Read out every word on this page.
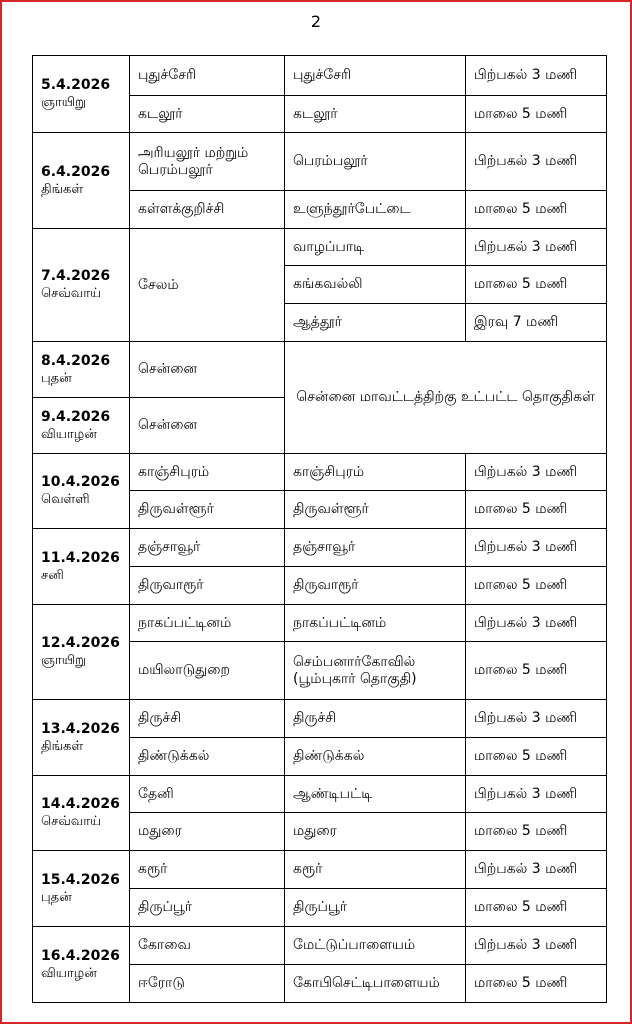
2
5.4.2026
ஞாயிறு	புதுச்சேரி	புதுச்சேரி	பிற்பகல் 3 மணி
	கடலூர்	கடலூர்	மாலை 5 மணி

6.4.2026
திங்கள்	அரியலூர் மற்றும் பெரம்பலூர்	பெரம்பலூர்	பிற்பகல் 3 மணி
	கள்ளக்குறிச்சி	உளுந்தூர்பேட்டை	மாலை 5 மணி

7.4.2026
செவ்வாய்	சேலம்	வாழப்பாடி	பிற்பகல் 3 மணி
		கங்கவல்லி	மாலை 5 மணி
		ஆத்தூர்	இரவு 7 மணி

8.4.2026
புதன்	சென்னை	சென்னை மாவட்டத்திற்கு உட்பட்ட தொகுதிகள்	

9.4.2026
வியாழன்	சென்னை		

10.4.2026
வெள்ளி	காஞ்சிபுரம்	காஞ்சிபுரம்	பிற்பகல் 3 மணி
	திருவள்ளூர்	திருவள்ளூர்	மாலை 5 மணி

11.4.2026
சனி	தஞ்சாவூர்	தஞ்சாவூர்	பிற்பகல் 3 மணி
	திருவாரூர்	திருவாரூர்	மாலை 5 மணி

12.4.2026
ஞாயிறு	நாகப்பட்டினம்	நாகப்பட்டினம்	பிற்பகல் 3 மணி
	மயிலாடுதுறை	செம்பனார்கோவில் (பூம்புகார் தொகுதி)	மாலை 5 மணி

13.4.2026
திங்கள்	திருச்சி	திருச்சி	பிற்பகல் 3 மணி
	திண்டுக்கல்	திண்டுக்கல்	மாலை 5 மணி

14.4.2026
செவ்வாய்	தேனி	ஆண்டிபட்டி	பிற்பகல் 3 மணி
	மதுரை	மதுரை	மாலை 5 மணி

15.4.2026
புதன்	கரூர்	கரூர்	பிற்பகல் 3 மணி
	திருப்பூர்	திருப்பூர்	மாலை 5 மணி

16.4.2026
வியாழன்	கோவை	மேட்டுப்பாளையம்	பிற்பகல் 3 மணி
	ஈரோடு	கோபிசெட்டிபாளையம்	மாலை 5 மணி
